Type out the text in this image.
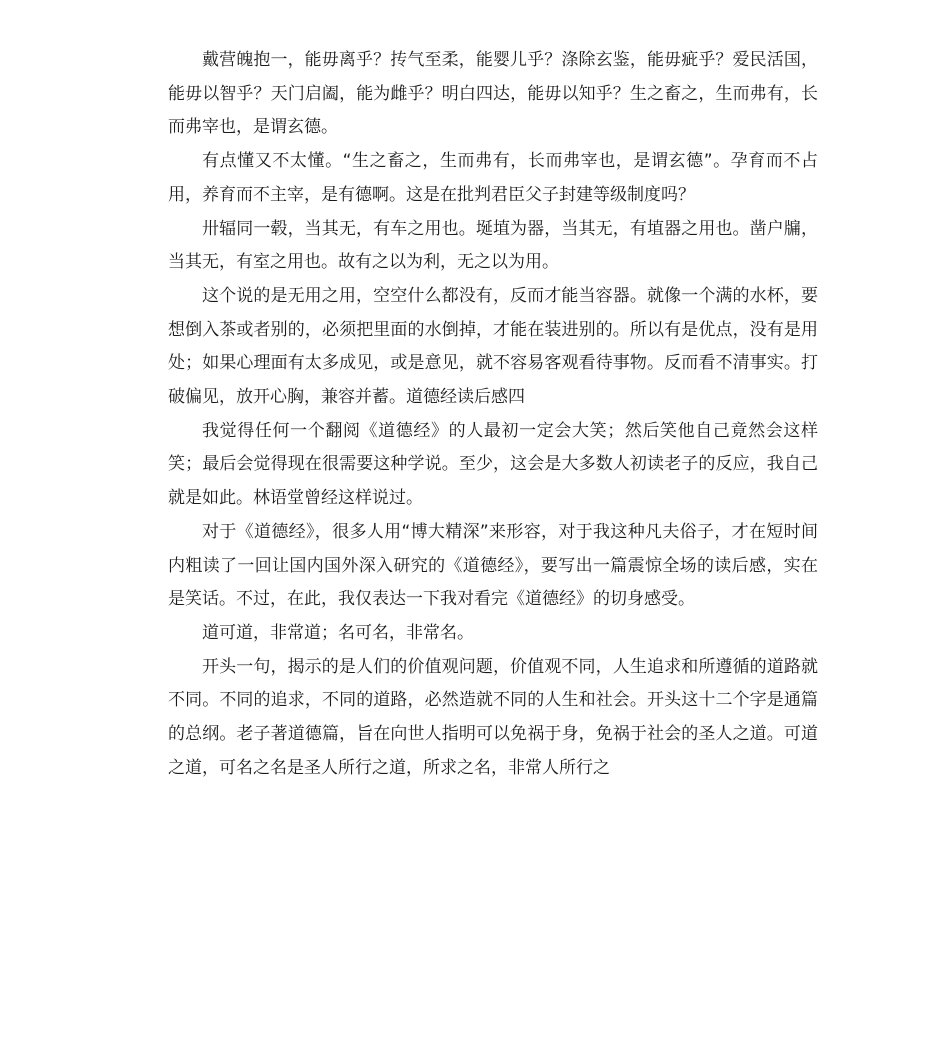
戴营魄抱一，能毋离乎？抟气至柔，能婴儿乎？涤除玄鉴，能毋疵乎？爱民活国，能毋以智乎？天门启阖，能为雌乎？明白四达，能毋以知乎？生之畜之，生而弗有，长而弗宰也，是谓玄德。

有点懂又不太懂。“生之畜之，生而弗有，长而弗宰也，是谓玄德”。孕育而不占用，养育而不主宰，是有德啊。这是在批判君臣父子封建等级制度吗？

卅辐同一毂，当其无，有车之用也。埏埴为器，当其无，有埴器之用也。凿户牖，当其无，有室之用也。故有之以为利，无之以为用。

这个说的是无用之用，空空什么都没有，反而才能当容器。就像一个满的水杯，要想倒入茶或者别的，必须把里面的水倒掉，才能在装进别的。所以有是优点，没有是用处；如果心理面有太多成见，或是意见，就不容易客观看待事物。反而看不清事实。打破偏见，放开心胸，兼容并蓄。道德经读后感四

我觉得任何一个翻阅《道德经》的人最初一定会大笑；然后笑他自己竟然会这样笑；最后会觉得现在很需要这种学说。至少，这会是大多数人初读老子的反应，我自己就是如此。林语堂曾经这样说过。

对于《道德经》，很多人用“博大精深”来形容，对于我这种凡夫俗子，才在短时间内粗读了一回让国内国外深入研究的《道德经》，要写出一篇震惊全场的读后感，实在是笑话。不过，在此，我仅表达一下我对看完《道德经》的切身感受。

道可道，非常道；名可名，非常名。

开头一句，揭示的是人们的价值观问题，价值观不同，人生追求和所遵循的道路就不同。不同的追求，不同的道路，必然造就不同的人生和社会。开头这十二个字是通篇的总纲。老子著道德篇，旨在向世人指明可以免祸于身，免祸于社会的圣人之道。可道之道，可名之名是圣人所行之道，所求之名，非常人所行之
